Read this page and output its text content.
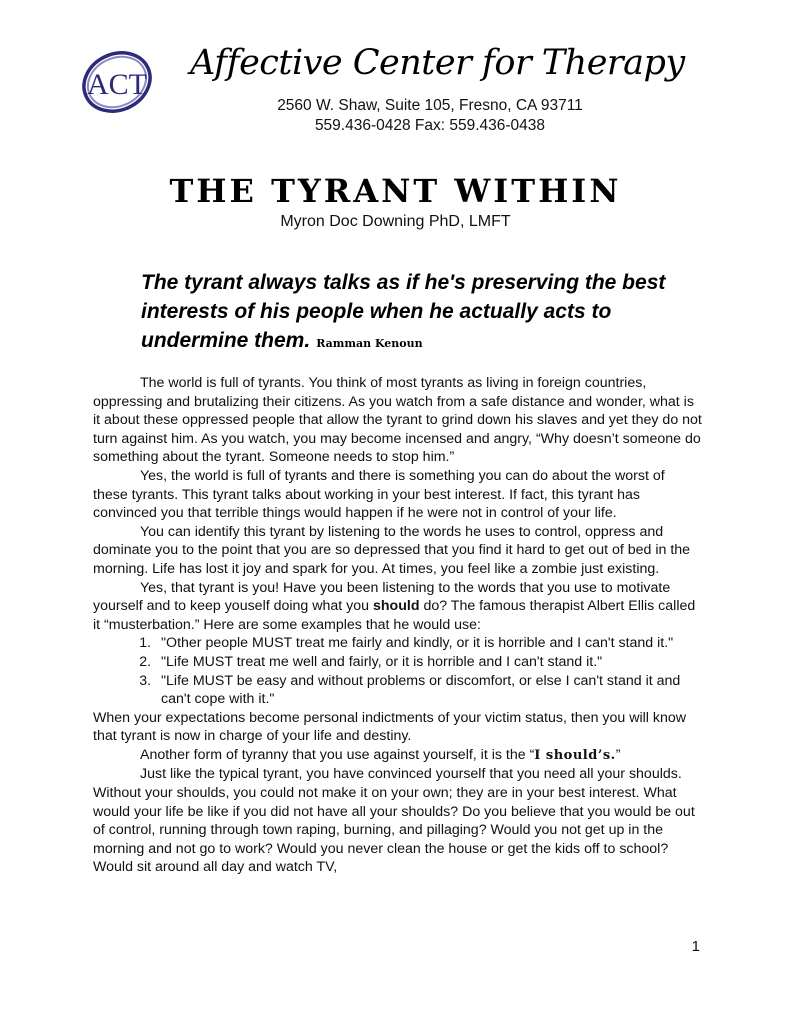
ACT
Affective Center for Therapy
2560 W. Shaw, Suite 105, Fresno, CA 93711
559.436-0428 Fax: 559.436-0438
THE TYRANT WITHIN
Myron Doc Downing PhD, LMFT
The tyrant always talks as if he's preserving the best interests of his people when he actually acts to undermine them. Ramman Kenoun

The world is full of tyrants. You think of most tyrants as living in foreign countries, oppressing and brutalizing their citizens. As you watch from a safe distance and wonder, what is it about these oppressed people that allow the tyrant to grind down his slaves and yet they do not turn against him. As you watch, you may become incensed and angry, “Why doesn’t someone do something about the tyrant. Someone needs to stop him.”

Yes, the world is full of tyrants and there is something you can do about the worst of these tyrants. This tyrant talks about working in your best interest. If fact, this tyrant has convinced you that terrible things would happen if he were not in control of your life.

You can identify this tyrant by listening to the words he uses to control, oppress and dominate you to the point that you are so depressed that you find it hard to get out of bed in the morning. Life has lost it joy and spark for you. At times, you feel like a zombie just existing.

Yes, that tyrant is you! Have you been listening to the words that you use to motivate yourself and to keep youself doing what you should do? The famous therapist Albert Ellis called it “musterbation.” Here are some examples that he would use:

1. "Other people MUST treat me fairly and kindly, or it is horrible and I can't stand it."
2. "Life MUST treat me well and fairly, or it is horrible and I can't stand it."
3. "Life MUST be easy and without problems or discomfort, or else I can't stand it and can't cope with it."

When your expectations become personal indictments of your victim status, then you will know that tyrant is now in charge of your life and destiny.

Another form of tyranny that you use against yourself, it is the “I should’s.”

Just like the typical tyrant, you have convinced yourself that you need all your shoulds. Without your shoulds, you could not make it on your own; they are in your best interest. What would your life be like if you did not have all your shoulds? Do you believe that you would be out of control, running through town raping, burning, and pillaging? Would you not get up in the morning and not go to work? Would you never clean the house or get the kids off to school? Would sit around all day and watch TV,

1
